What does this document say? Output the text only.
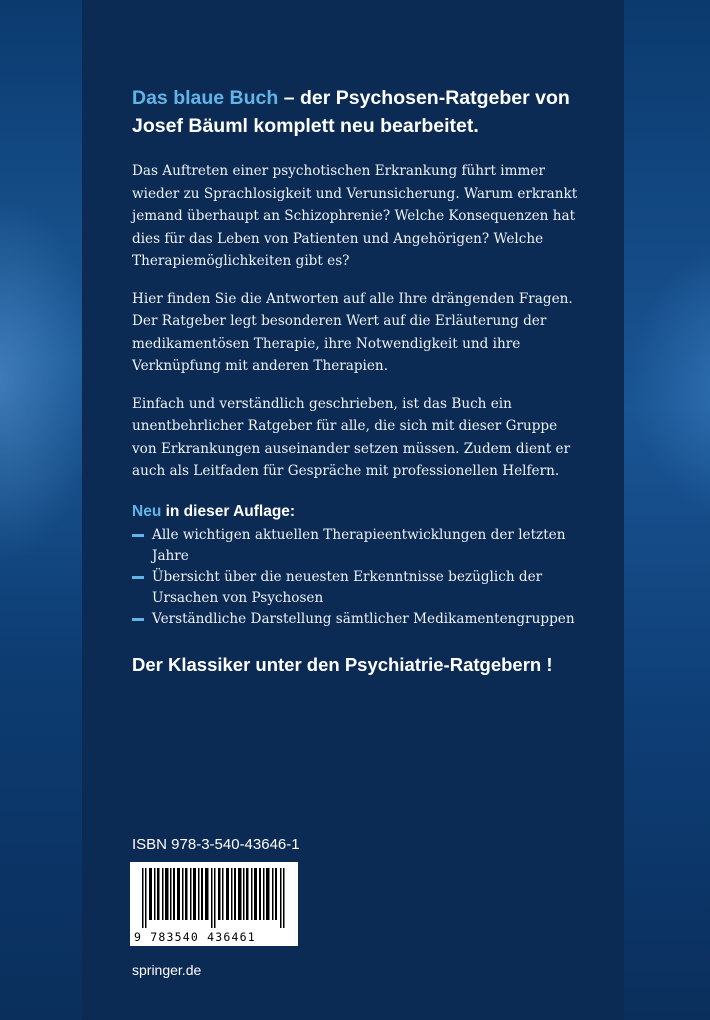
Das blaue Buch – der Psychosen-Ratgeber von Josef Bäuml komplett neu bearbeitet.

Das Auftreten einer psychotischen Erkrankung führt immer wieder zu Sprachlosigkeit und Verunsicherung. Warum erkrankt jemand überhaupt an Schizophrenie? Welche Konsequenzen hat dies für das Leben von Patienten und Angehörigen? Welche Therapiemöglichkeiten gibt es?

Hier finden Sie die Antworten auf alle Ihre drängenden Fragen. Der Ratgeber legt besonderen Wert auf die Erläuterung der medikamentösen Therapie, ihre Notwendigkeit und ihre Verknüpfung mit anderen Therapien.

Einfach und verständlich geschrieben, ist das Buch ein unentbehrlicher Ratgeber für alle, die sich mit dieser Gruppe von Erkrankungen auseinander setzen müssen. Zudem dient er auch als Leitfaden für Gespräche mit professionellen Helfern.

Neu in dieser Auflage:

Alle wichtigen aktuellen Therapieentwicklungen der letzten Jahre
Übersicht über die neuesten Erkenntnisse bezüglich der Ursachen von Psychosen
Verständliche Darstellung sämtlicher Medikamentengruppen

Der Klassiker unter den Psychiatrie-Ratgebern !

ISBN 978-3-540-43646-1
9 783540 436461
springer.de
